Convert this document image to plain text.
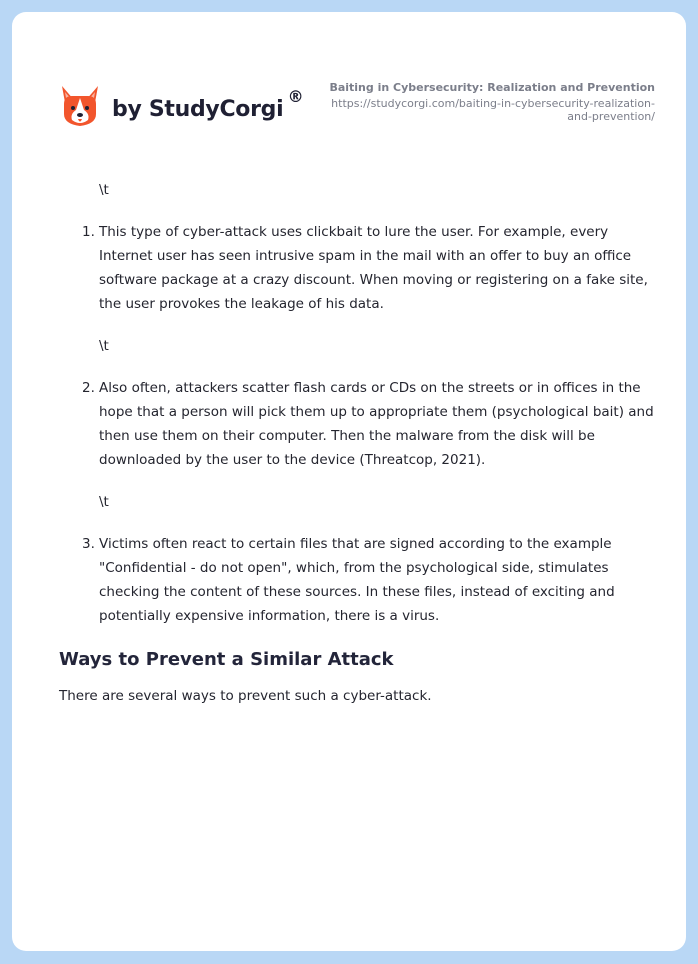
by StudyCorgi
®	Baiting in Cybersecurity: Realization and Prevention
https://studycorgi.com/baiting-in-cybersecurity-realization-
and-prevention/
\t
1. This type of cyber-attack uses clickbait to lure the user. For example, every Internet user has seen intrusive spam in the mail with an offer to buy an office software package at a crazy discount. When moving or registering on a fake site, the user provokes the leakage of his data.
\t
2. Also often, attackers scatter flash cards or CDs on the streets or in offices in the hope that a person will pick them up to appropriate them (psychological bait) and then use them on their computer. Then the malware from the disk will be downloaded by the user to the device (Threatcop, 2021).
\t
3. Victims often react to certain files that are signed according to the example "Confidential - do not open", which, from the psychological side, stimulates checking the content of these sources. In these files, instead of exciting and potentially expensive information, there is a virus.
Ways to Prevent a Similar Attack
There are several ways to prevent such a cyber-attack.
